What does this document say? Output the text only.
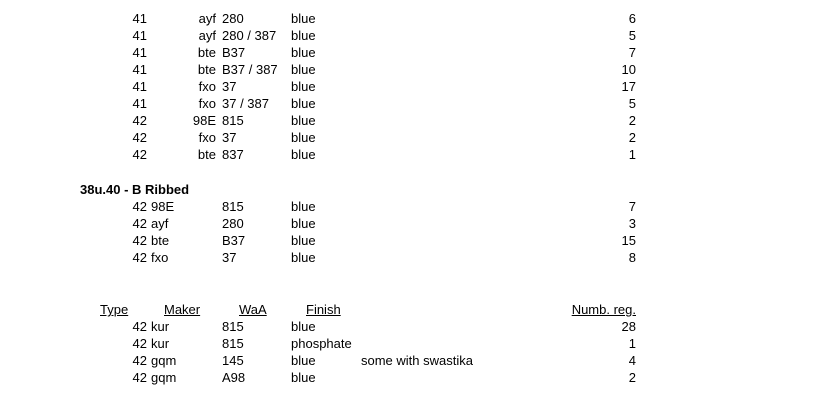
41	ayf 280	blue	6
41	ayf 280 / 387 blue	5
41	bte B37	blue	7
41	bte B37 / 387 blue	10
41	fxo 37	blue	17
41	fxo 37 / 387 blue	5
42	98E 815	blue	2
42	fxo 37	blue	2
42	bte 837	blue	1
38u.40 - B Ribbed
42 98E	815	blue	7
42 ayf	280	blue	3
42 bte	B37	blue	15
42 fxo	37	blue	8
Type	Maker	WaA	Finish	Numb. reg.
42 kur	815	blue	28
42 kur	815	phosphate	1
42 gqm	145	blue	some with swastika	4
42 gqm	A98	blue	2
